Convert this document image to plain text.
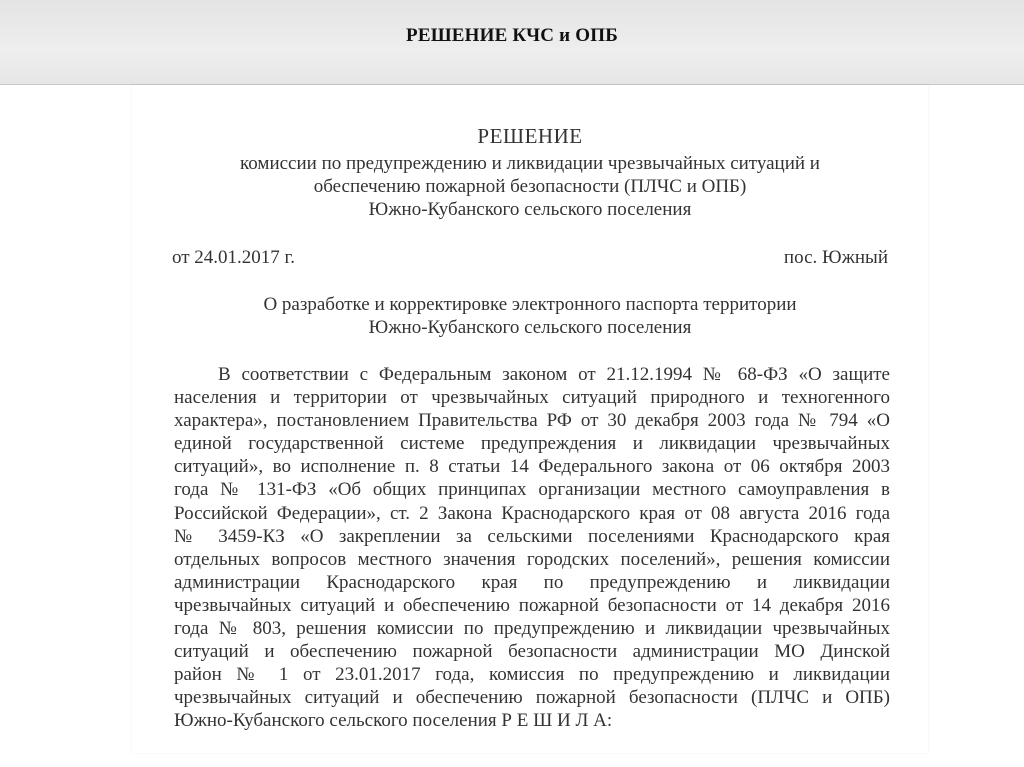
РЕШЕНИЕ КЧС и ОПБ
РЕШЕНИЕ
комиссии по предупреждению и ликвидации чрезвычайных ситуаций и
обеспечению пожарной безопасности (ПЛЧС и ОПБ)
Южно-Кубанского сельского поселения
от 24.01.2017 г.	пос. Южный
О разработке и корректировке электронного паспорта территории
Южно-Кубанского сельского поселения
В соответствии с Федеральным законом от 21.12.1994 № 68-ФЗ «О защите
населения и территории от чрезвычайных ситуаций природного и техногенного
характера», постановлением Правительства РФ от 30 декабря 2003 года № 794 «О
единой государственной системе предупреждения и ликвидации чрезвычайных
ситуаций», во исполнение п. 8 статьи 14 Федерального закона от 06 октября 2003
года № 131-ФЗ «Об общих принципах организации местного самоуправления в
Российской Федерации», ст. 2 Закона Краснодарского края от 08 августа 2016 года
№ 3459-КЗ «О закреплении за сельскими поселениями Краснодарского края
отдельных вопросов местного значения городских поселений», решения комиссии
администрации Краснодарского края по предупреждению и ликвидации
чрезвычайных ситуаций и обеспечению пожарной безопасности от 14 декабря 2016
года № 803, решения комиссии по предупреждению и ликвидации чрезвычайных
ситуаций и обеспечению пожарной безопасности администрации МО Динской
район № 1 от 23.01.2017 года, комиссия по предупреждению и ликвидации
чрезвычайных ситуаций и обеспечению пожарной безопасности (ПЛЧС и ОПБ)
Южно-Кубанского сельского поселения Р Е Ш И Л А:
